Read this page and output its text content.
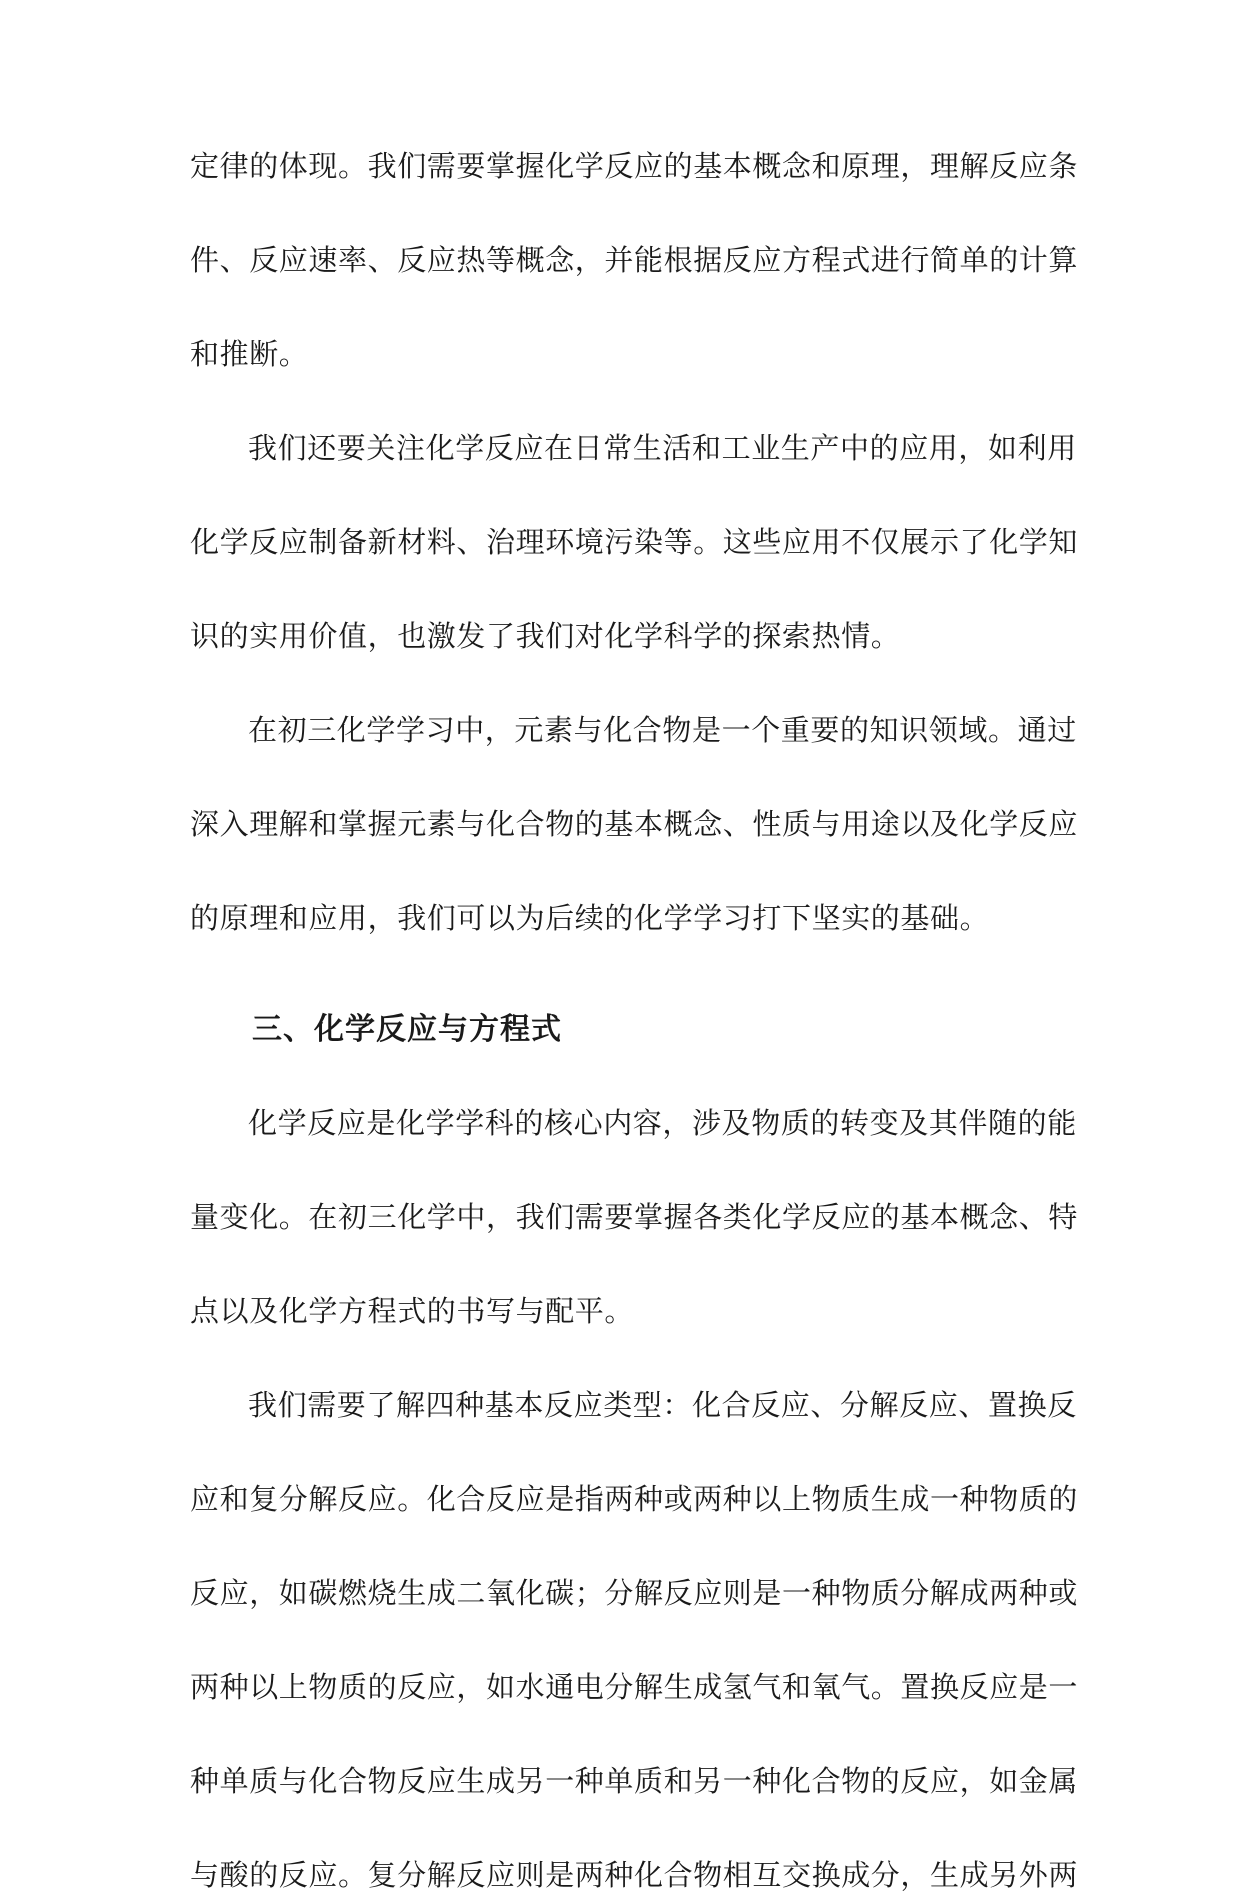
定律的体现。我们需要掌握化学反应的基本概念和原理，理解反应条
件、反应速率、反应热等概念，并能根据反应方程式进行简单的计算
和推断。
我们还要关注化学反应在日常生活和工业生产中的应用，如利用
化学反应制备新材料、治理环境污染等。这些应用不仅展示了化学知
识的实用价值，也激发了我们对化学科学的探索热情。
在初三化学学习中，元素与化合物是一个重要的知识领域。通过
深入理解和掌握元素与化合物的基本概念、性质与用途以及化学反应
的原理和应用，我们可以为后续的化学学习打下坚实的基础。
三、化学反应与方程式
化学反应是化学学科的核心内容，涉及物质的转变及其伴随的能
量变化。在初三化学中，我们需要掌握各类化学反应的基本概念、特
点以及化学方程式的书写与配平。
我们需要了解四种基本反应类型：化合反应、分解反应、置换反
应和复分解反应。化合反应是指两种或两种以上物质生成一种物质的
反应，如碳燃烧生成二氧化碳；分解反应则是一种物质分解成两种或
两种以上物质的反应，如水通电分解生成氢气和氧气。置换反应是一
种单质与化合物反应生成另一种单质和另一种化合物的反应，如金属
与酸的反应。复分解反应则是两种化合物相互交换成分，生成另外两
